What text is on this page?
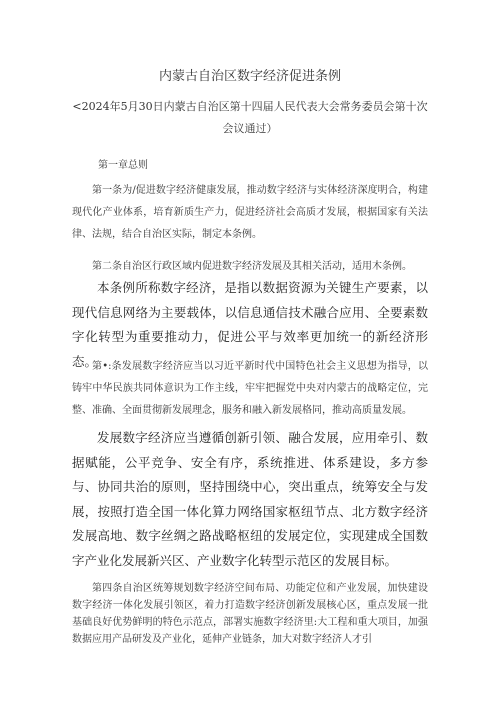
内蒙古自治区数字经济促进条例
<2024年5月30日内蒙古自治区第十四届人民代表大会常务委员会第十次会议通过）
第一章总则

第一条为/促进数字经济健康发展，推动数字经济与实体经济深度明合，构建现代化产业体系，培育新质生产力，促进经济社会高质才发展，根据国家有关法律、法规，结合自治区实际，制定本条例。

第二条自治区行政区域内促进数字经济发展及其相关活动，适用木条例。

本条例所称数字经济，是指以数据资源为关键生产要素，以现代信息网络为主要载体，以信息通信技术融合应用、全要素数字化转型为重要推动力，促进公平与效率更加统一的新经济形态。

第•:条发展数字经济应当以习近平新时代中国特色社会主义思想为指导，以铸牢中华民族共同体意识为工作主线，牢牢把握党中央对内蒙古的战略定位，完整、准确、全面贯彻新发展理念，服务和融入新发展格同，推动高质量发展。

发展数字经济应当遵循创新引领、融合发展，应用牵引、数据赋能，公平竞争、安全有序，系统推进、体系建设，多方参与、协同共治的原则，坚持围绕中心，突出重点，统筹安全与发展，按照打造全国一体化算力网络国家枢纽节点、北方数字经济发展高地、数字丝绸之路战略枢纽的发展定位，实现建成全国数字产业化发展新兴区、产业数字化转型示范区的发展目标。

第四条自治区统筹规划数字经济空间布局、功能定位和产业发展，加快建设数字经济一体化发展引领区，着力打造数字经济创新发展核心区，重点发展一批基础良好优势鲜明的特色示范点，部署实施数字经济里:大工程和重大项目，加强数据应用产品研发及产业化，延伸产业链条，加大对数字经济人才引
